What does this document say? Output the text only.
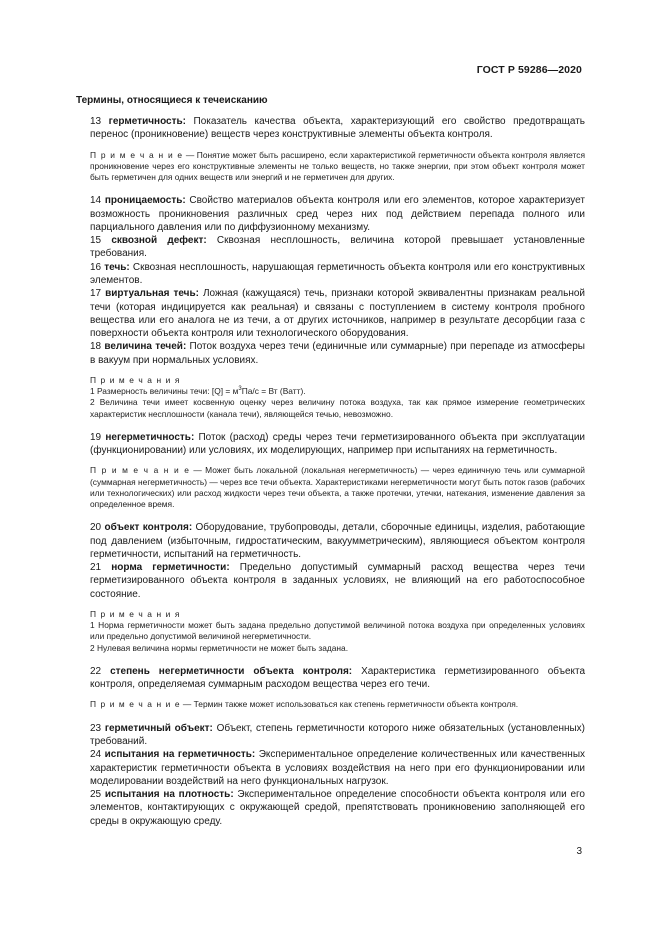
ГОСТ Р 59286—2020
Термины, относящиеся к течеисканию

13 герметичность: Показатель качества объекта, характеризующий его свойство предотвращать перенос (проникновение) веществ через конструктивные элементы объекта контроля.

П р и м е ч а н и е — Понятие может быть расширено, если характеристикой герметичности объекта контроля является проникновение через его конструктивные элементы не только веществ, но также энергии, при этом объект контроля может быть герметичен для одних веществ или энергий и не герметичен для других.

14 проницаемость: Свойство материалов объекта контроля или его элементов, которое характеризует возможность проникновения различных сред через них под действием перепада полного или парциального давления или по диффузионному механизму.

15 сквозной дефект: Сквозная несплошность, величина которой превышает установленные требования.

16 течь: Сквозная несплошность, нарушающая герметичность объекта контроля или его конструктивных элементов.

17 виртуальная течь: Ложная (кажущаяся) течь, признаки которой эквивалентны признакам реальной течи (которая индицируется как реальная) и связаны с поступлением в систему контроля пробного вещества или его аналога не из течи, а от других источников, например в результате десорбции газа с поверхности объекта контроля или технологического оборудования.

18 величина течей: Поток воздуха через течи (единичные или суммарные) при перепаде из атмосферы в вакуум при нормальных условиях.

П р и м е ч а н и я

1 Размерность величины течи: $[Q] = м^3Па/с$ = Вт (Ватт).

2 Величина течи имеет косвенную оценку через величину потока воздуха, так как прямое измерение геометрических характеристик несплошности (канала течи), являющейся течью, невозможно.

19 негерметичность: Поток (расход) среды через течи герметизированного объекта при эксплуатации (функционировании) или условиях, их моделирующих, например при испытаниях на герметичность.

П р и м е ч а н и е — Может быть локальной (локальная негерметичность) — через единичную течь или суммарной (суммарная негерметичность) — через все течи объекта. Характеристиками негерметичности могут быть поток газов (рабочих или технологических) или расход жидкости через течи объекта, а также протечки, утечки, натекания, изменение давления за определенное время.

20 объект контроля: Оборудование, трубопроводы, детали, сборочные единицы, изделия, работающие под давлением (избыточным, гидростатическим, вакуумметрическим), являющиеся объектом контроля герметичности, испытаний на герметичность.

21 норма герметичности: Предельно допустимый суммарный расход вещества через течи герметизированного объекта контроля в заданных условиях, не влияющий на его работоспособное состояние.

П р и м е ч а н и я

1 Норма герметичности может быть задана предельно допустимой величиной потока воздуха при определенных условиях или предельно допустимой величиной негерметичности.

2 Нулевая величина нормы герметичности не может быть задана.

22 степень негерметичности объекта контроля: Характеристика герметизированного объекта контроля, определяемая суммарным расходом вещества через его течи.

П р и м е ч а н и е — Термин также может использоваться как степень герметичности объекта контроля.

23 герметичный объект: Объект, степень герметичности которого ниже обязательных (установленных) требований.

24 испытания на герметичность: Экспериментальное определение количественных или качественных характеристик герметичности объекта в условиях воздействия на него при его функционировании или моделировании воздействий на него функциональных нагрузок.

25 испытания на плотность: Экспериментальное определение способности объекта контроля или его элементов, контактирующих с окружающей средой, препятствовать проникновению заполняющей его среды в окружающую среду.

3
